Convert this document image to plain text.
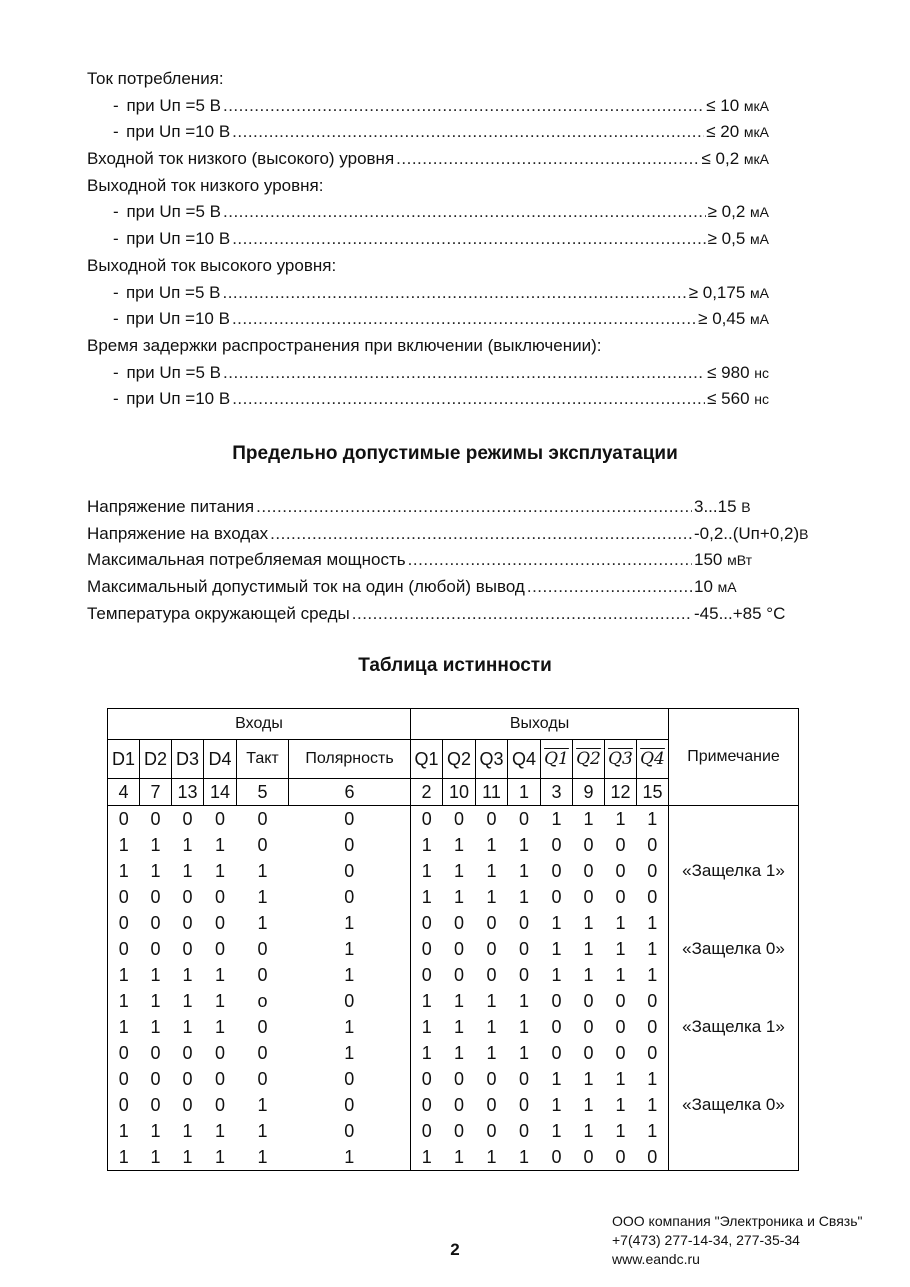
Ток потребления:
- при Uп =5 В .....	≤ 10 мкА
- при Uп =10 В .....	≤ 20 мкА
Входной ток низкого (высокого) уровня .....	≤ 0,2 мкА
Выходной ток низкого уровня:
- при Uп =5 В .....	≥ 0,2 мА
- при Uп =10 В .....	≥ 0,5 мА
Выходной ток высокого уровня:
- при Uп =5 В .....	≥ 0,175 мА
- при Uп =10 В .....	≥ 0,45 мА
Время задержки распространения при включении (выключении):
- при Uп =5 В .....	≤ 980 нс
- при Uп =10 В .....	≤ 560 нс
Предельно допустимые режимы эксплуатации
Напряжение питания .....	3...15 В
Напряжение на входах .....	-0,2..(Uп+0,2)В
Максимальная потребляемая мощность .....	150 мВт
Максимальный допустимый ток на один (любой) вывод .....	10 мА
Температура окружающей среды .....	-45...+85 °C
Таблица истинности
Входы						Выходы								Примечание
D1	D2	D3	D4	Такт	Полярность	Q1	Q2	Q3	Q4	Q1	Q2	Q3	Q4	
4	7	13	14	5	6	2	10	11	1	3	9	12	15	
0	0	0	0	0	0	0	0	0	0	1	1	1	1	
1	1	1	1	0	0	1	1	1	1	0	0	0	0	
1	1	1	1	1	0	1	1	1	1	0	0	0	0	«Защелка 1»
0	0	0	0	1	0	1	1	1	1	0	0	0	0	
0	0	0	0	1	1	0	0	0	0	1	1	1	1	
0	0	0	0	0	1	0	0	0	0	1	1	1	1	«Защелка 0»
1	1	1	1	0	1	0	0	0	0	1	1	1	1	
1	1	1	1	o	0	1	1	1	1	0	0	0	0	
1	1	1	1	0	1	1	1	1	1	0	0	0	0	«Защелка 1»
0	0	0	0	0	1	1	1	1	1	0	0	0	0	
0	0	0	0	0	0	0	0	0	0	1	1	1	1	
0	0	0	0	1	0	0	0	0	0	1	1	1	1	«Защелка 0»
1	1	1	1	1	0	0	0	0	0	1	1	1	1	
1	1	1	1	1	1	1	1	1	1	0	0	0	0	
ООО компания "Электроника и Связь"
+7(473) 277-14-34, 277-35-34
www.eandc.ru
2
